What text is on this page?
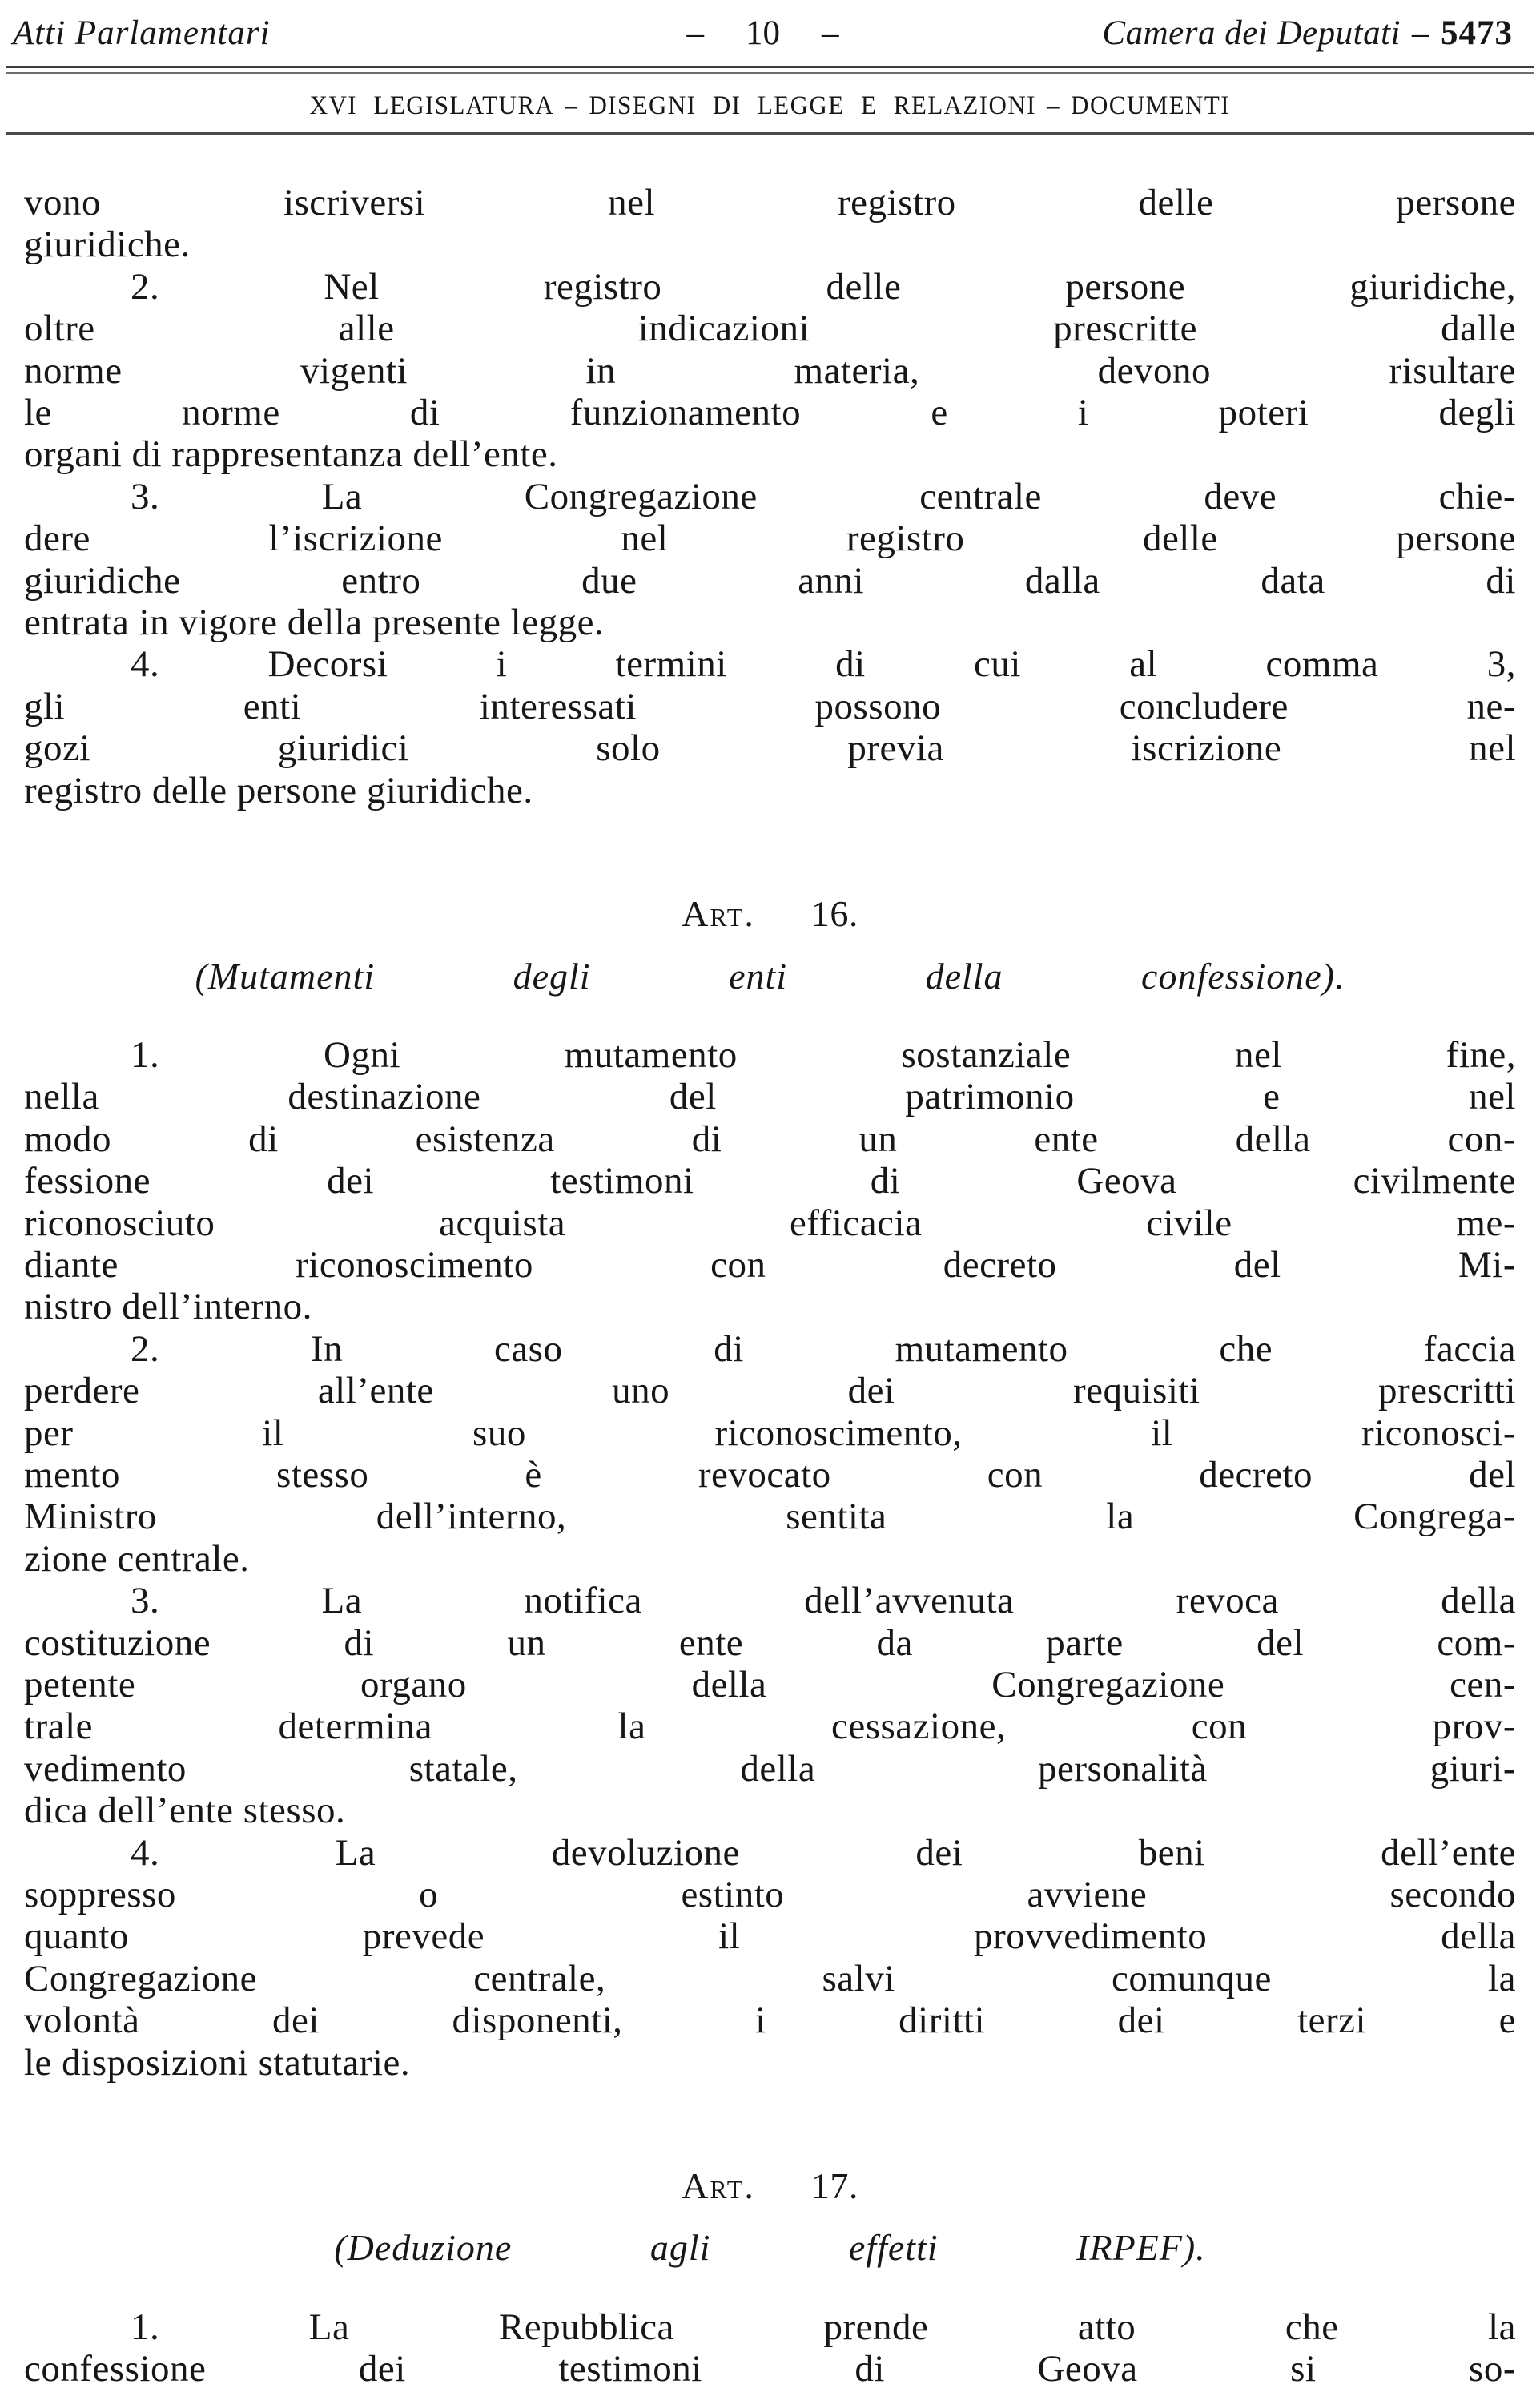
Atti Parlamentari	– 10 –	Camera dei Deputati – 5473
XVI LEGISLATURA – DISEGNI DI LEGGE E RELAZIONI – DOCUMENTI
vono iscriversi nel registro delle persone
giuridiche.
2. Nel registro delle persone giuridiche,
oltre alle indicazioni prescritte dalle
norme vigenti in materia, devono risultare
le norme di funzionamento e i poteri degli
organi di rappresentanza dell’ente.
3. La Congregazione centrale deve chie-
dere l’iscrizione nel registro delle persone
giuridiche entro due anni dalla data di
entrata in vigore della presente legge.
4. Decorsi i termini di cui al comma 3,
gli enti interessati possono concludere ne-
gozi giuridici solo previa iscrizione nel
registro delle persone giuridiche.
Art. 16.
(Mutamenti degli enti della confessione).
1. Ogni mutamento sostanziale nel fine,
nella destinazione del patrimonio e nel
modo di esistenza di un ente della con-
fessione dei testimoni di Geova civilmente
riconosciuto acquista efficacia civile me-
diante riconoscimento con decreto del Mi-
nistro dell’interno.
2. In caso di mutamento che faccia
perdere all’ente uno dei requisiti prescritti
per il suo riconoscimento, il riconosci-
mento stesso è revocato con decreto del
Ministro dell’interno, sentita la Congrega-
zione centrale.
3. La notifica dell’avvenuta revoca della
costituzione di un ente da parte del com-
petente organo della Congregazione cen-
trale determina la cessazione, con prov-
vedimento statale, della personalità giuri-
dica dell’ente stesso.
4. La devoluzione dei beni dell’ente
soppresso o estinto avviene secondo
quanto prevede il provvedimento della
Congregazione centrale, salvi comunque la
volontà dei disponenti, i diritti dei terzi e
le disposizioni statutarie.
Art. 17.
(Deduzione agli effetti IRPEF).
1. La Repubblica prende atto che la
confessione dei testimoni di Geova si so-
